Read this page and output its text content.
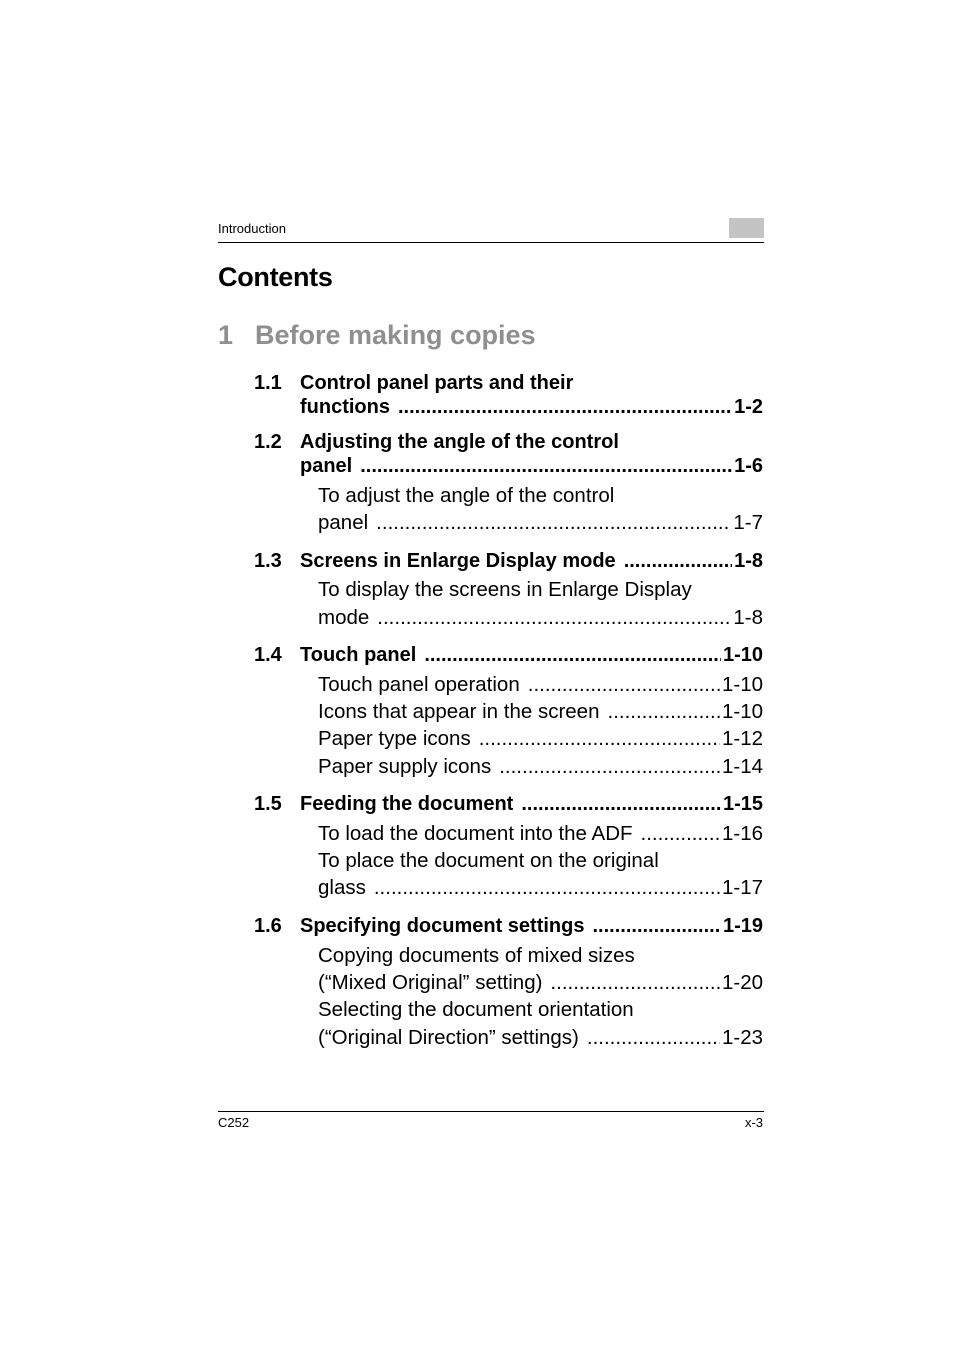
Introduction
Contents
1 Before making copies
1.1 Control panel parts and their
functions .....	1-2
1.2 Adjusting the angle of the control
panel .....	1-6
To adjust the angle of the control
panel .....	1-7
1.3 Screens in Enlarge Display mode .....	1-8
To display the screens in Enlarge Display
mode .....	1-8
1.4 Touch panel .....	1-10
Touch panel operation .....	1-10
Icons that appear in the screen .....	1-10
Paper type icons .....	1-12
Paper supply icons .....	1-14
1.5 Feeding the document .....	1-15
To load the document into the ADF .....	1-16
To place the document on the original
glass .....	1-17
1.6 Specifying document settings .....	1-19
Copying documents of mixed sizes
(“Mixed Original” setting) .....	1-20
Selecting the document orientation
(“Original Direction” settings) .....	1-23
C252	x-3
